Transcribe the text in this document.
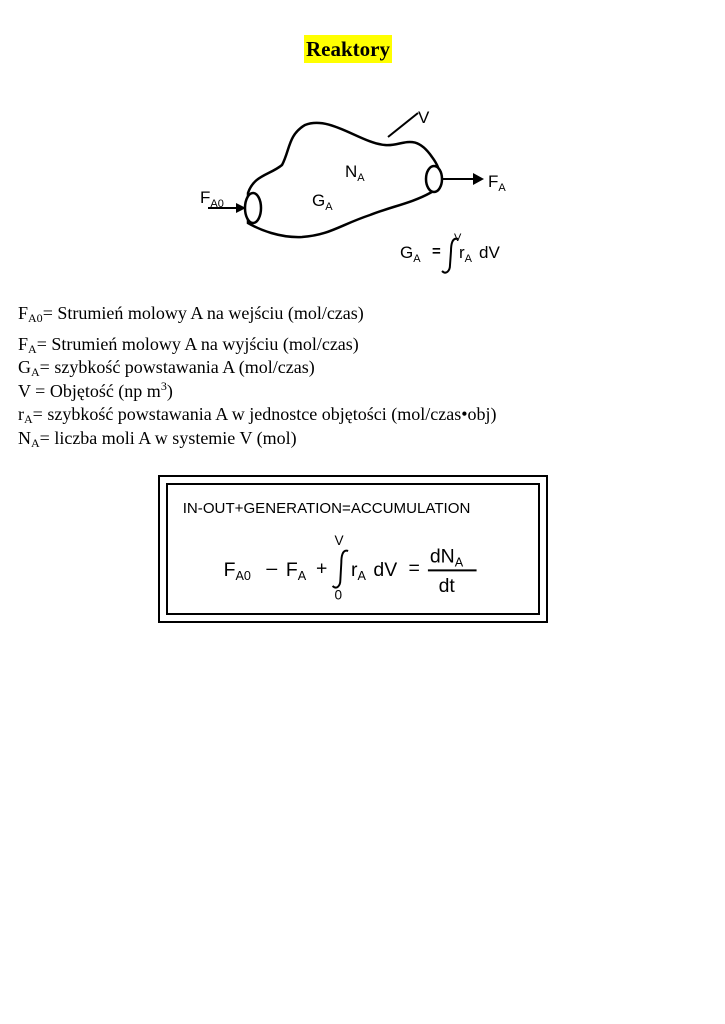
Reaktory
V
$N_A$
$G_A$
$F_{A0}$
$F_A$
$G_A$ =
V
$r_A$ dV
$F_{A0}=$ Strumień molowy A na wejściu (mol/czas)
$F_A=$ Strumień molowy A na wyjściu (mol/czas)
$G_A=$ szybkość powstawania A (mol/czas)
V = Objętość (np $m^3$)
$r_A=$ szybkość powstawania A w jednostce objętości (mol/czas•obj)
$N_A=$ liczba moli A w systemie V (mol)
IN-OUT+GENERATION=ACCUMULATION
$F_{A0} - F_A$ +
V
0
$r_A$ dV =
$dN_A$
dt
